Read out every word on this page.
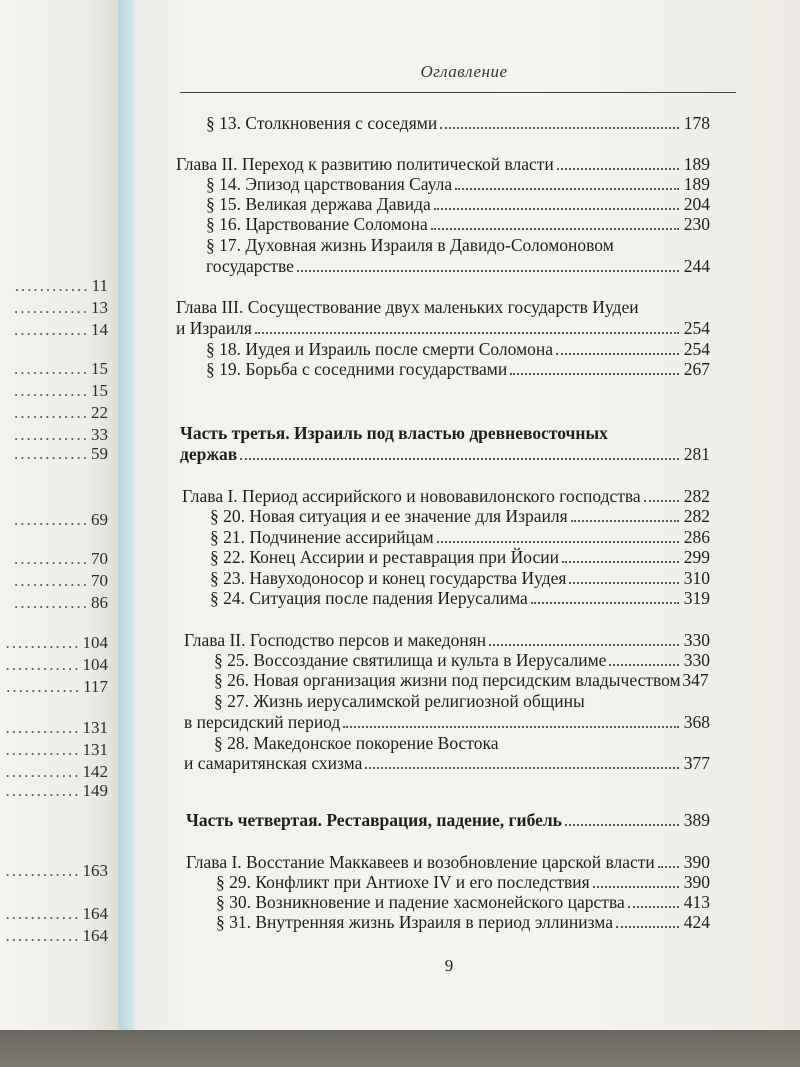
............ 11
............ 13
............ 14
............ 15
............ 15
............ 22
............ 33
............ 59
............ 69
............ 70
............ 70
............ 86
............ 104
............ 104
............ 117
............ 131
............ 131
............ 142
............ 149
............ 163
............ 164
............ 164
Оглавление
§ 13. Столкновения с соседями	178
Глава II. Переход к развитию политической власти	189
§ 14. Эпизод царствования Саула	189
§ 15. Великая держава Давида	204
§ 16. Царствование Соломона	230
§ 17. Духовная жизнь Израиля в Давидо-Соломоновом
государстве	244
Глава III. Сосуществование двух маленьких государств Иудеи
и Израиля	254
§ 18. Иудея и Израиль после смерти Соломона	254
§ 19. Борьба с соседними государствами	267
Часть третья. Израиль под властью древневосточных
держав	281
Глава I. Период ассирийского и нововавилонского господства 282
§ 20. Новая ситуация и ее значение для Израиля	282
§ 21. Подчинение ассирийцам	286
§ 22. Конец Ассирии и реставрация при Йосии	299
§ 23. Навуходоносор и конец государства Иудея	310
§ 24. Ситуация после падения Иерусалима	319
Глава II. Господство персов и македонян	330
§ 25. Воссоздание святилища и культа в Иерусалиме	330
§ 26. Новая организация жизни под персидским владычеством 347
§ 27. Жизнь иерусалимской религиозной общины
в персидский период	368
§ 28. Македонское покорение Востока
и самаритянская схизма	377
Часть четвертая. Реставрация, падение, гибель	389
Глава I. Восстание Маккавеев и возобновление царской власти 390
§ 29. Конфликт при Антиохе IV и его последствия	390
§ 30. Возникновение и падение хасмонейского царства	413
§ 31. Внутренняя жизнь Израиля в период эллинизма	424
9
